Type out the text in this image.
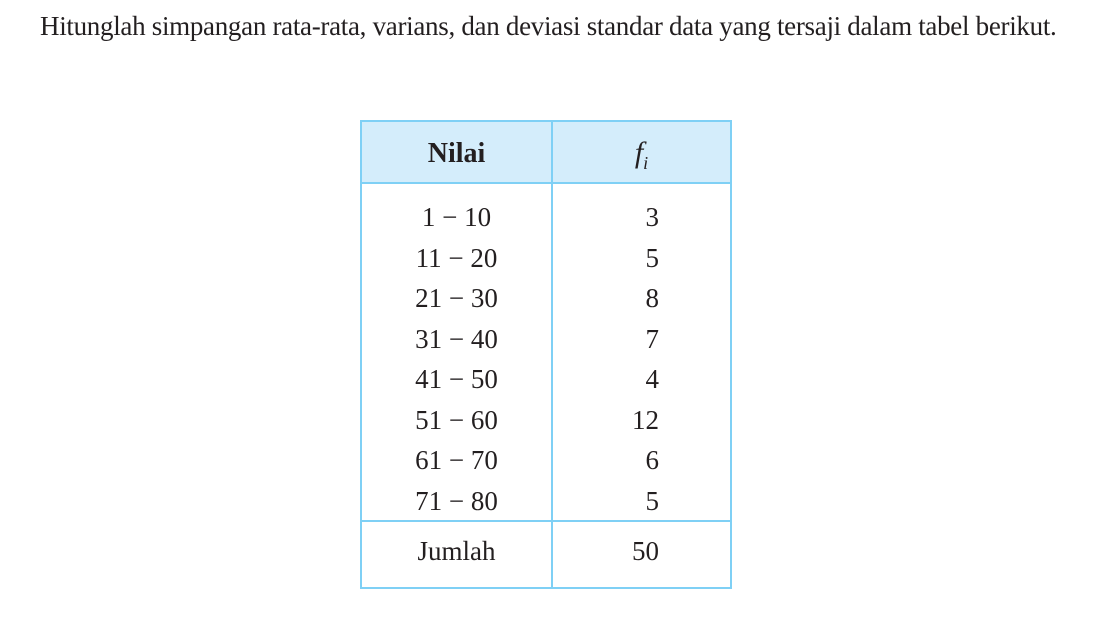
Hitunglah simpangan rata-rata, varians, dan deviasi standar data yang tersaji dalam tabel berikut.
Nilai	$f_i$
1 − 10	3
11 − 20	5
21 − 30	8
31 − 40	7
41 − 50	4
51 − 60	12
61 − 70	6
71 − 80	5
Jumlah	50
